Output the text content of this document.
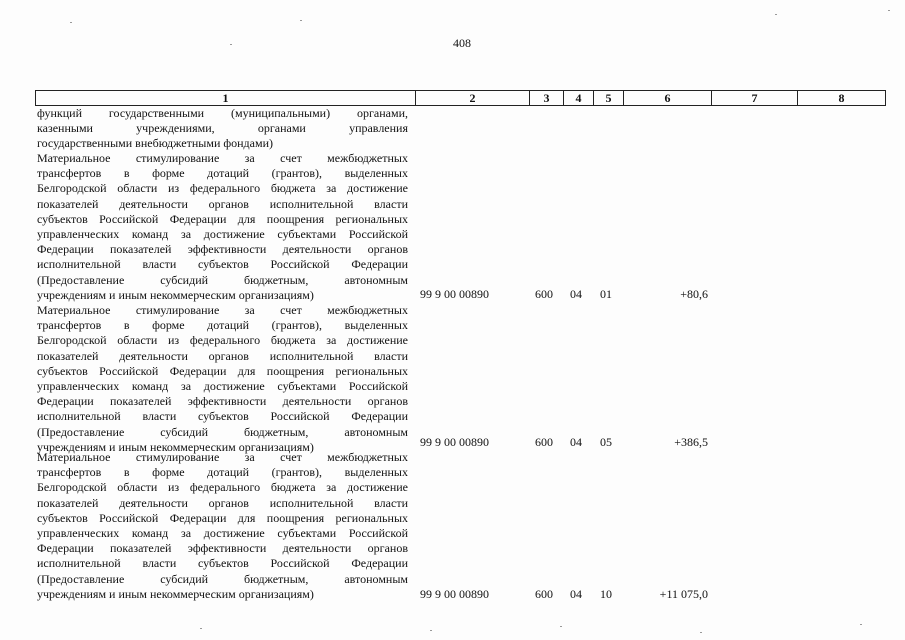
408
1	2	3	4	5	6	7	8
функций государственными (муниципальными) органами,
казенными учреждениями, органами управления
государственными внебюджетными фондами)
Материальное стимулирование за счет межбюджетных
трансфертов в форме дотаций (грантов), выделенных
Белгородской области из федерального бюджета за достижение
показателей деятельности органов исполнительной власти
субъектов Российской Федерации для поощрения региональных
управленческих команд за достижение субъектами Российской
Федерации показателей эффективности деятельности органов
исполнительной власти субъектов Российской Федерации
(Предоставление субсидий бюджетным, автономным
учреждениям и иным некоммерческим организациям)	99 9 00 00890	600 04 01	+80,6
Материальное стимулирование за счет межбюджетных
трансфертов в форме дотаций (грантов), выделенных
Белгородской области из федерального бюджета за достижение
показателей деятельности органов исполнительной власти
субъектов Российской Федерации для поощрения региональных
управленческих команд за достижение субъектами Российской
Федерации показателей эффективности деятельности органов
исполнительной власти субъектов Российской Федерации
(Предоставление субсидий бюджетным, автономным
учреждениям и иным некоммерческим организациям)	99 9 00 00890	600 04 05	+386,5
Материальное стимулирование за счет межбюджетных
трансфертов в форме дотаций (грантов), выделенных
Белгородской области из федерального бюджета за достижение
показателей деятельности органов исполнительной власти
субъектов Российской Федерации для поощрения региональных
управленческих команд за достижение субъектами Российской
Федерации показателей эффективности деятельности органов
исполнительной власти субъектов Российской Федерации
(Предоставление субсидий бюджетным, автономным
учреждениям и иным некоммерческим организациям)	99 9 00 00890	600 04 10	+11 075,0
